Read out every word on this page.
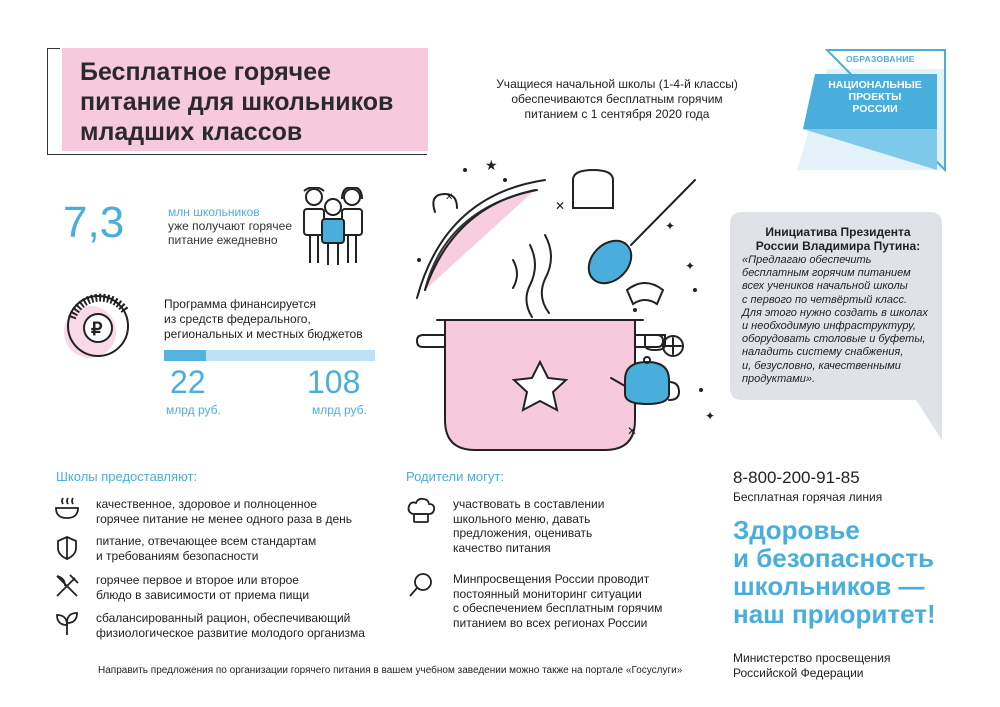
Бесплатное горячее
питание для школьников
младших классов
Учащиеся начальной школы (1-4-й классы)
обеспечиваются бесплатным горячим
питанием с 1 сентября 2020 года
ОБРАЗОВАНИЕ
НАЦИОНАЛЬНЫЕ
ПРОЕКТЫ
РОССИИ
7,3	млн школьников
уже получают горячее
питание ежедневно
₽
Программа финансируется
из средств федерального,
региональных и местных бюджетов
22
млрд руб.
108
млрд руб.
★
✕
✦
✕
✦
✦
✕
Инициатива Президента
России Владимира Путина:
«Предлагаю обеспечить
бесплатным горячим питанием
всех учеников начальной школы
с первого по четвёртый класс.
Для этого нужно создать в школах
и необходимую инфраструктуру,
оборудовать столовые и буфеты,
наладить систему снабжения,
и, безусловно, качественными
продуктами».
Школы предоставляют:
качественное, здоровое и полноценное
горячее питание не менее одного раза в день
питание, отвечающее всем стандартам
и требованиям безопасности
горячее первое и второе или второе
блюдо в зависимости от приема пищи
сбалансированный рацион, обеспечивающий
физиологическое развитие молодого организма
Родители могут:
участвовать в составлении
школьного меню, давать
предложения, оценивать
качество питания
Минпросвещения России проводит
постоянный мониторинг ситуации
с обеспечением бесплатным горячим
питанием во всех регионах России
8-800-200-91-85
Бесплатная горячая линия
Здоровье
и безопасность
школьников —
наш приоритет!
Министерство просвещения
Российской Федерации
Направить предложения по организации горячего питания в вашем учебном заведении можно также на портале «Госуслуги»
